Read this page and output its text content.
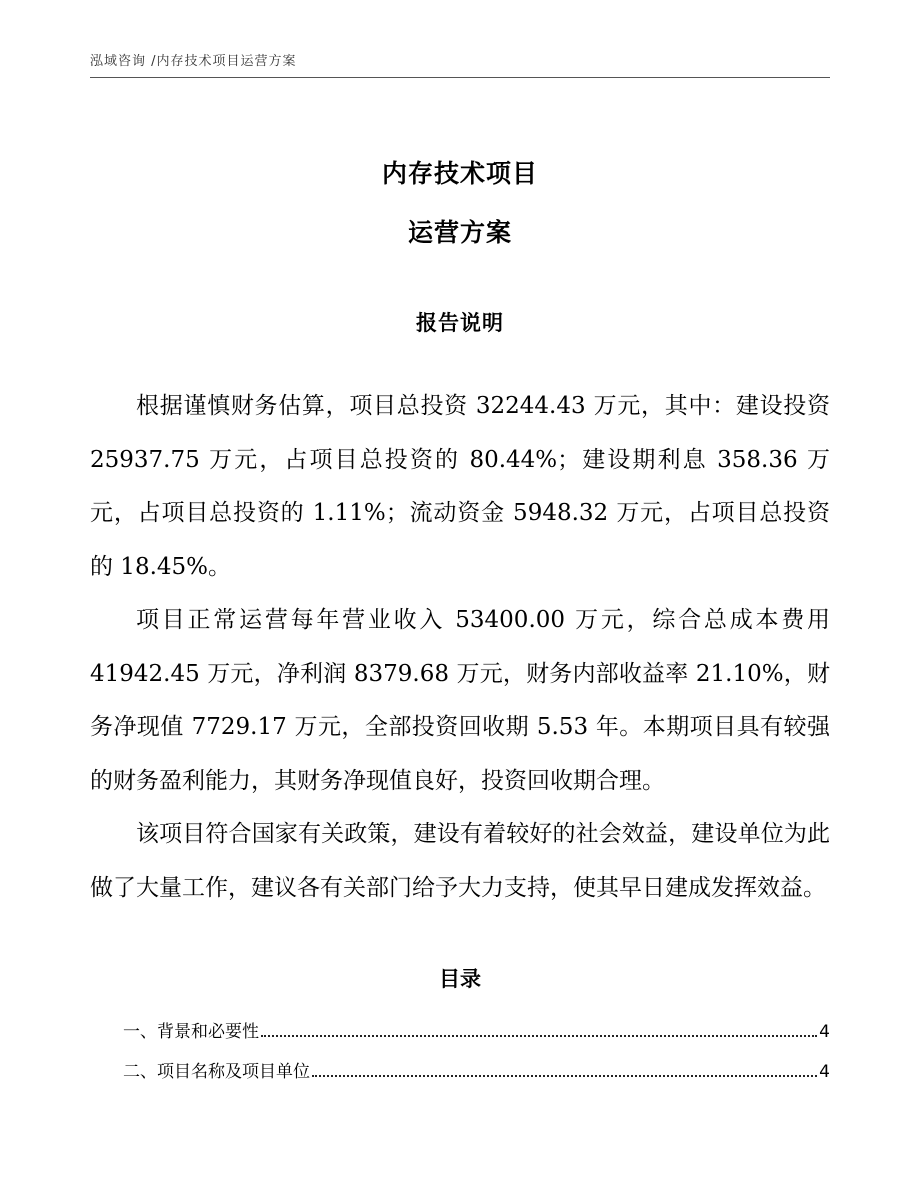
泓域咨询 /内存技术项目运营方案
内存技术项目
运营方案
报告说明

根据谨慎财务估算，项目总投资 32244.43 万元，其中：建设投资 25937.75 万元，占项目总投资的 80.44%；建设期利息 358.36 万元，占项目总投资的 1.11%；流动资金 5948.32 万元，占项目总投资的 18.45%。

项目正常运营每年营业收入 53400.00 万元，综合总成本费用 41942.45 万元，净利润 8379.68 万元，财务内部收益率 21.10%，财务净现值 7729.17 万元，全部投资回收期 5.53 年。本期项目具有较强的财务盈利能力，其财务净现值良好，投资回收期合理。

该项目符合国家有关政策，建设有着较好的社会效益，建设单位为此做了大量工作，建议各有关部门给予大力支持，使其早日建成发挥效益。

目录
一、 背景和必要性	4
二、 项目名称及项目单位	4
